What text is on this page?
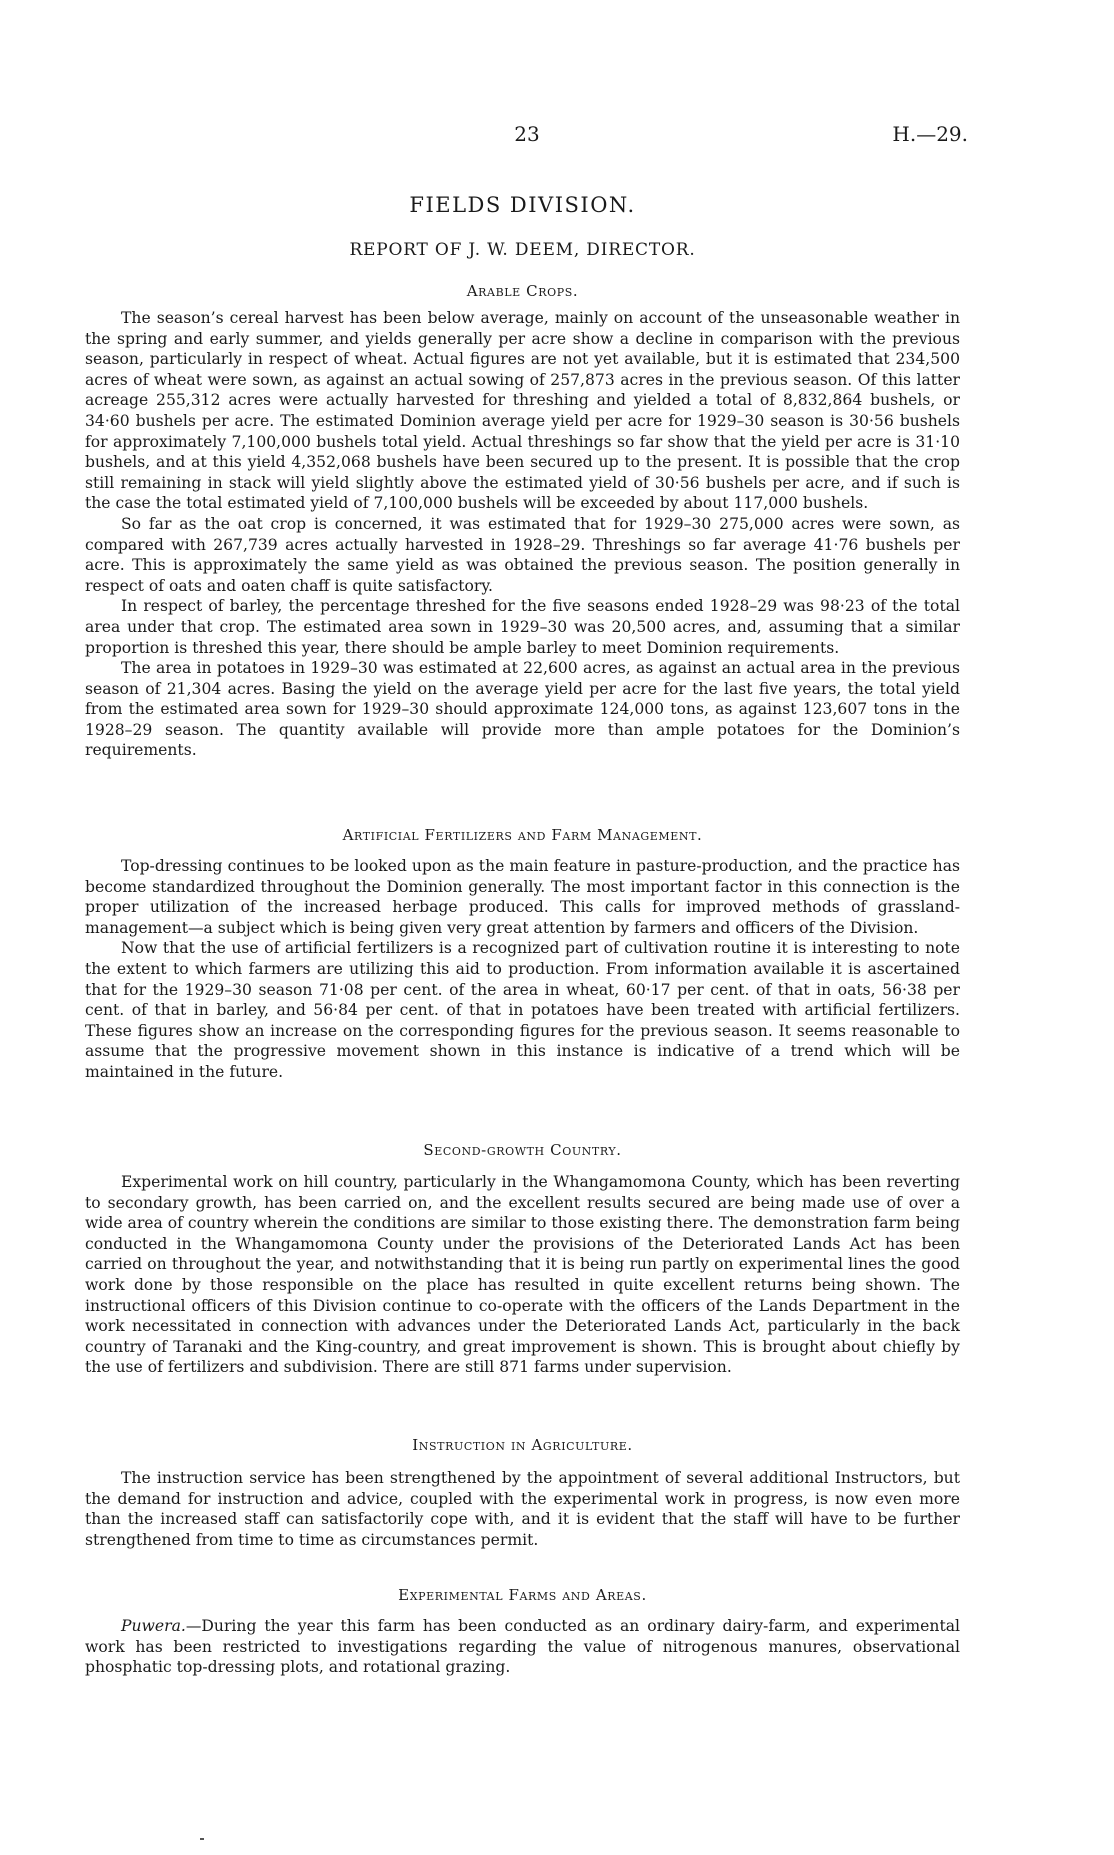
23	H.—29.
FIELDS DIVISION.
REPORT OF J. W. DEEM, DIRECTOR.
Arable Crops.

The season’s cereal harvest has been below average, mainly on account of the unseasonable weather in the spring and early summer, and yields generally per acre show a decline in comparison with the previous season, particularly in respect of wheat. Actual figures are not yet available, but it is estimated that 234,500 acres of wheat were sown, as against an actual sowing of 257,873 acres in the previous season. Of this latter acreage 255,312 acres were actually harvested for threshing and yielded a total of 8,832,864 bushels, or 34·60 bushels per acre. The estimated Dominion average yield per acre for 1929–30 season is 30·56 bushels for approximately 7,100,000 bushels total yield. Actual threshings so far show that the yield per acre is 31·10 bushels, and at this yield 4,352,068 bushels have been secured up to the present. It is possible that the crop still remaining in stack will yield slightly above the estimated yield of 30·56 bushels per acre, and if such is the case the total estimated yield of 7,100,000 bushels will be exceeded by about 117,000 bushels.

So far as the oat crop is concerned, it was estimated that for 1929–30 275,000 acres were sown, as compared with 267,739 acres actually harvested in 1928–29. Threshings so far average 41·76 bushels per acre. This is approximately the same yield as was obtained the previous season. The position generally in respect of oats and oaten chaff is quite satisfactory.

In respect of barley, the percentage threshed for the five seasons ended 1928–29 was 98·23 of the total area under that crop. The estimated area sown in 1929–30 was 20,500 acres, and, assuming that a similar proportion is threshed this year, there should be ample barley to meet Dominion requirements.

The area in potatoes in 1929–30 was estimated at 22,600 acres, as against an actual area in the previous season of 21,304 acres. Basing the yield on the average yield per acre for the last five years, the total yield from the estimated area sown for 1929–30 should approximate 124,000 tons, as against 123,607 tons in the 1928–29 season. The quantity available will provide more than ample potatoes for the Dominion’s requirements.

Artificial Fertilizers and Farm Management.

Top-dressing continues to be looked upon as the main feature in pasture-production, and the practice has become standardized throughout the Dominion generally. The most important factor in this connection is the proper utilization of the increased herbage produced. This calls for improved methods of grassland-management—a subject which is being given very great attention by farmers and officers of the Division.

Now that the use of artificial fertilizers is a recognized part of cultivation routine it is interesting to note the extent to which farmers are utilizing this aid to production. From information available it is ascertained that for the 1929–30 season 71·08 per cent. of the area in wheat, 60·17 per cent. of that in oats, 56·38 per cent. of that in barley, and 56·84 per cent. of that in potatoes have been treated with artificial fertilizers. These figures show an increase on the corresponding figures for the previous season. It seems reasonable to assume that the progressive movement shown in this instance is indicative of a trend which will be maintained in the future.

Second-growth Country.

Experimental work on hill country, particularly in the Whangamomona County, which has been reverting to secondary growth, has been carried on, and the excellent results secured are being made use of over a wide area of country wherein the conditions are similar to those existing there. The demonstration farm being conducted in the Whangamomona County under the provisions of the Deteriorated Lands Act has been carried on throughout the year, and notwithstanding that it is being run partly on experimental lines the good work done by those responsible on the place has resulted in quite excellent returns being shown. The instructional officers of this Division continue to co-operate with the officers of the Lands Department in the work necessitated in connection with advances under the Deteriorated Lands Act, particularly in the back country of Taranaki and the King-country, and great improvement is shown. This is brought about chiefly by the use of fertilizers and subdivision. There are still 871 farms under supervision.

Instruction in Agriculture.

The instruction service has been strengthened by the appointment of several additional Instructors, but the demand for instruction and advice, coupled with the experimental work in progress, is now even more than the increased staff can satisfactorily cope with, and it is evident that the staff will have to be further strengthened from time to time as circumstances permit.

Experimental Farms and Areas.

Puwera.—During the year this farm has been conducted as an ordinary dairy-farm, and experimental work has been restricted to investigations regarding the value of nitrogenous manures, observational phosphatic top-dressing plots, and rotational grazing.
